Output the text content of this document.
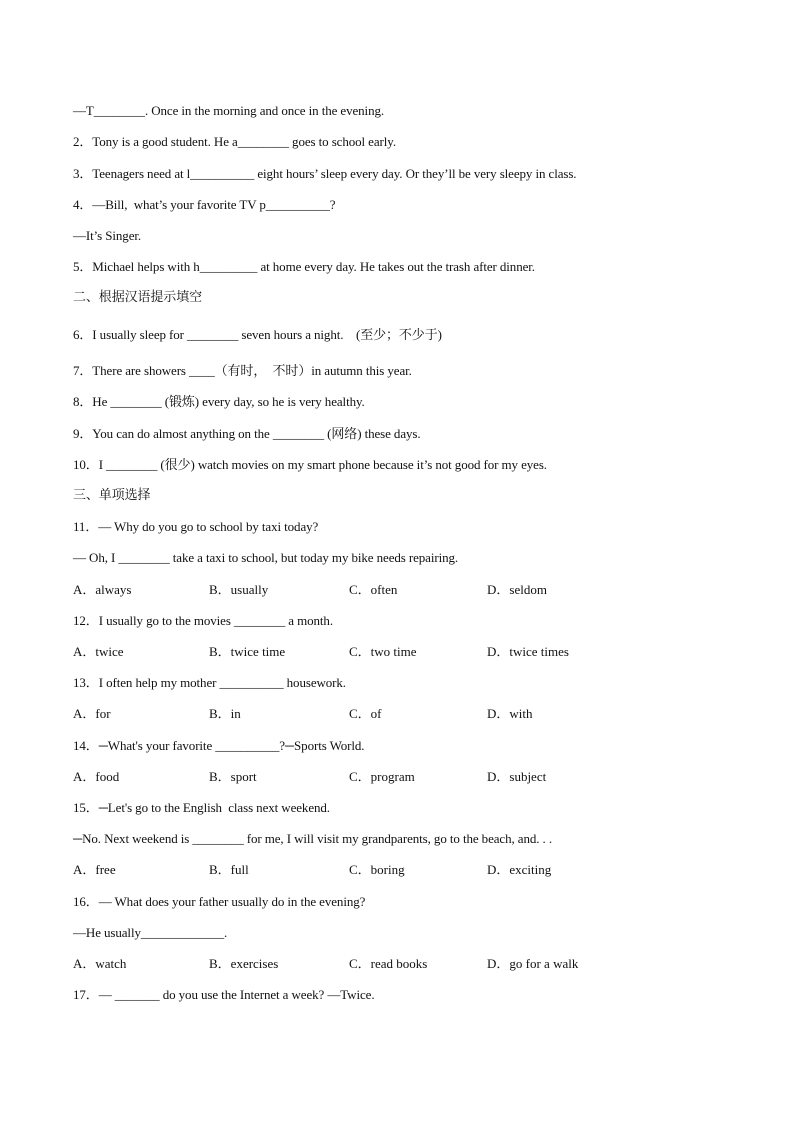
—T________. Once in the morning and once in the evening.
2．Tony is a good student. He a________ goes to school early.
3．Teenagers need at l__________ eight hours’ sleep every day. Or they’ll be very sleepy in class.
4．—Bill,  what’s your favorite TV p__________?
—It’s Singer.
5．Michael helps with h_________ at home every day. He takes out the trash after dinner.
二、根据汉语提示填空
6．I usually sleep for ________ seven hours a night.    (至少；不少于)
7．There are showers ____（有时，  不时）in autumn this year.
8．He ________ (锻炼) every day, so he is very healthy.
9．You can do almost anything on the ________ (网络) these days.
10．I ________ (很少) watch movies on my smart phone because it’s not good for my eyes.
三、单项选择
11．— Why do you go to school by taxi today?
— Oh, I ________ take a taxi to school, but today my bike needs repairing.
A．always	B．usually	C．often	D．seldom
12．I usually go to the movies ________ a month.
A．twice	B．twice time	C．two time	D．twice times
13．I often help my mother __________ housework.
A．for	B．in	C．of	D．with
14．─What's your favorite __________?─Sports World.
A．food	B．sport	C．program	D．subject
15．─Let's go to the English  class next weekend.
─No. Next weekend is ________ for me, I will visit my grandparents, go to the beach, and. . .
A．free	B．full	C．boring	D．exciting
16．— What does your father usually do in the evening?
—He usually_____________.
A．watch	B．exercises	C．read books	D．go for a walk
17．— _______ do you use the Internet a week? —Twice.
